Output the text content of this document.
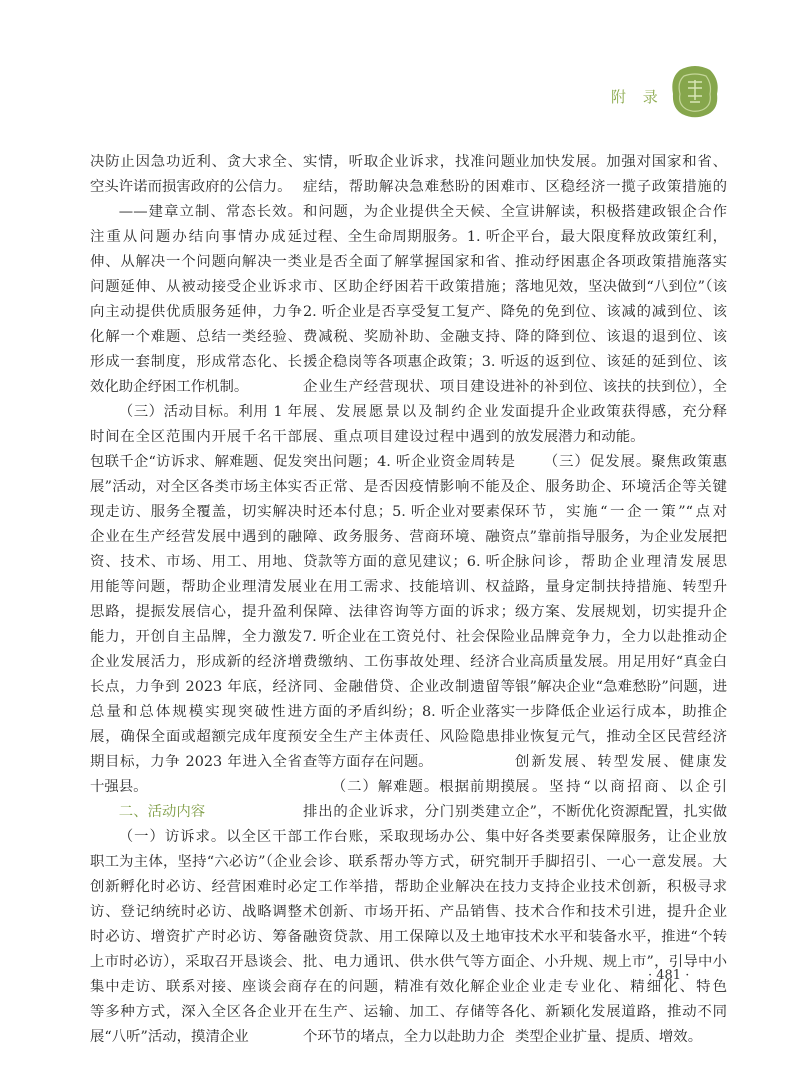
附 录

决防止因急功近利、贪大求全、空头许诺而损害政府的公信力。

——建章立制、常态长效。注重从问题办结向事情办成延伸、从解决一个问题向解决一类问题延伸、从被动接受企业诉求向主动提供优质服务延伸，力争化解一个难题、总结一类经验、形成一套制度，形成常态化、长效化助企纾困工作机制。

（三）活动目标。利用 1 年时间在全区范围内开展千名干部包联千企“访诉求、解难题、促发展”活动，对全区各类市场主体实现走访、服务全覆盖，切实解决企业在生产经营发展中遇到的融资、技术、市场、用工、用地、用能等问题，帮助企业理清发展思路，提振发展信心，提升盈利能力，开创自主品牌，全力激发企业发展活力，形成新的经济增长点，力争到 2023 年底，经济总量和总体规模实现突破性进展，确保全面或超额完成年度预期目标，力争 2023 年进入全省十强县。

二、活动内容

（一）访诉求。以全区干部职工为主体，坚持“六必访”（企业创新孵化时必访、经营困难时必访、登记纳统时必访、战略调整时必访、增资扩产时必访、筹备上市时必访），采取召开恳谈会、集中走访、联系对接、座谈会商等多种方式，深入全区各企业开展“八听”活动，摸清企业

实情，听取企业诉求，找准问题症结，帮助解决急难愁盼的困难和问题，为企业提供全天候、全过程、全生命周期服务。1. 听企业是否全面了解掌握国家和省、市、区助企纾困若干政策措施；2. 听企业是否享受复工复产、降费减税、奖励补助、金融支持、援企稳岗等各项惠企政策；3. 听企业生产经营现状、项目建设进展、发展愿景以及制约企业发展、重点项目建设过程中遇到的突出问题；4. 听企业资金周转是否正常、是否因疫情影响不能及时还本付息；5. 听企业对要素保障、政务服务、营商环境、融资贷款等方面的意见建议；6. 听企业在用工需求、技能培训、权益保障、法律咨询等方面的诉求；7. 听企业在工资兑付、社会保险费缴纳、工伤事故处理、经济合同、金融借贷、企业改制遗留等方面的矛盾纠纷；8. 听企业落实安全生产主体责任、风险隐患排查等方面存在问题。

（二）解难题。根据前期摸排出的企业诉求，分门别类建立工作台账，采取现场办公、集中会诊、联系帮办等方式，研究制定工作举措，帮助企业解决在技术创新、市场开拓、产品销售、融资贷款、用工保障以及土地审批、电力通讯、供水供气等方面存在的问题，精准有效化解企业在生产、运输、加工、存储等各个环节的堵点，全力以赴助力企

业加快发展。加强对国家和省、市、区稳经济一揽子政策措施的宣讲解读，积极搭建政银企合作平台，最大限度释放政策红利，推动纾困惠企各项政策措施落实落地见效，坚决做到“八到位”（该免的免到位、该减的减到位、该降的降到位、该退的退到位、该返的返到位、该延的延到位、该补的补到位、该扶的扶到位），全面提升企业政策获得感，充分释放发展潜力和动能。

（三）促发展。聚焦政策惠企、服务助企、环境活企等关键环节，实施“一企一策”“点对点”靠前指导服务，为企业发展把脉问诊，帮助企业理清发展思路，量身定制扶持措施、转型升级方案、发展规划，切实提升企业品牌竞争力，全力以赴推动企业高质量发展。用足用好“真金白银”解决企业“急难愁盼”问题，进一步降低企业运行成本，助推企业恢复元气，推动全区民营经济创新发展、转型发展、健康发展。坚持“以商招商、以企引企”，不断优化资源配置，扎实做好各类要素保障服务，让企业放开手脚招引、一心一意发展。大力支持企业技术创新，积极寻求技术合作和技术引进，提升企业技术水平和装备水平，推进“个转企、小升规、规上市”，引导中小企业走专业化、精细化、特色化、新颖化发展道路，推动不同类型企业扩量、提质、增效。

· 481 ·
